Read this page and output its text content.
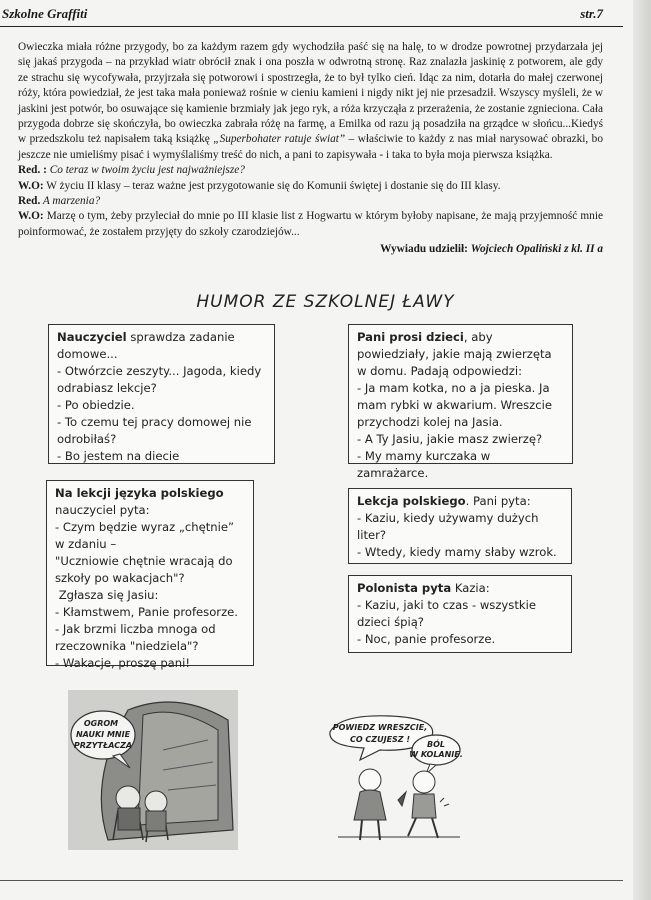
Szkolne Graffiti	str.7

Owieczka miała różne przygody, bo za każdym razem gdy wychodziła paść się na halę, to w drodze powrotnej przydarzała jej się jakaś przygoda – na przykład wiatr obrócił znak i ona poszła w odwrotną stronę. Raz znalazła jaskinię z potworem, ale gdy ze strachu się wycofywała, przyjrzała się potworowi i spostrzegła, że to był tylko cień. Idąc za nim, dotarła do małej czerwonej róży, która powiedział, że jest taka mała ponieważ rośnie w cieniu kamieni i nigdy nikt jej nie przesadził. Wszyscy myśleli, że w jaskini jest potwór, bo osuwające się kamienie brzmiały jak jego ryk, a róża krzycząła z przerażenia, że zostanie zgnieciona. Cała przygoda dobrze się skończyła, bo owieczka zabrała różę na farmę, a Emilka od razu ją posadziła na grządce w słońcu...Kiedyś w przedszkolu też napisałem taką książkę „Superbohater ratuje świat” – właściwie to każdy z nas miał narysować obrazki, bo jeszcze nie umieliśmy pisać i wymyślaliśmy treść do nich, a pani to zapisywała - i taka to była moja pierwsza książka.

Red. : Co teraz w twoim życiu jest najważniejsze?

W.O: W życiu II klasy – teraz ważne jest przygotowanie się do Komunii świętej i dostanie się do III klasy.

Red. A marzenia?

W.O: Marzę o tym, żeby przyleciał do mnie po III klasie list z Hogwartu w którym byłoby napisane, że mają przyjemność mnie poinformować, że zostałem przyjęty do szkoły czarodziejów...

Wywiadu udzielił: Wojciech Opaliński z kl. II a

HUMOR ZE SZKOLNEJ ŁAWY
Nauczyciel sprawdza zadanie domowe...
- Otwórzcie zeszyty... Jagoda, kiedy odrabiasz lekcje?
- Po obiedzie.
- To czemu tej pracy domowej nie odrobiłaś?
- Bo jestem na diecie
Pani prosi dzieci, aby powiedziały, jakie mają zwierzęta w domu. Padają odpowiedzi:
- Ja mam kotka, no a ja pieska. Ja mam rybki w akwarium. Wreszcie przychodzi kolej na Jasia.
- A Ty Jasiu, jakie masz zwierzę?
- My mamy kurczaka w zamrażarce.
Na lekcji języka polskiego nauczyciel pyta:
- Czym będzie wyraz „chętnie” w zdaniu –
"Uczniowie chętnie wracają do szkoły po wakacjach"?
Zgłasza się Jasiu:
- Kłamstwem, Panie profesorze.
- Jak brzmi liczba mnoga od rzeczownika "niedziela"?
- Wakacje, proszę pani!
Lekcja polskiego. Pani pyta:
- Kaziu, kiedy używamy dużych liter?
- Wtedy, kiedy mamy słaby wzrok.
Polonista pyta Kazia:
- Kaziu, jaki to czas - wszystkie dzieci śpią?
- Noc, panie profesorze.
OGROM
NAUKI MNIE
PRZYTŁACZA
POWIEDZ WRESZCIE,
CO CZUJESZ !
BÓL
W KOLANIE.
